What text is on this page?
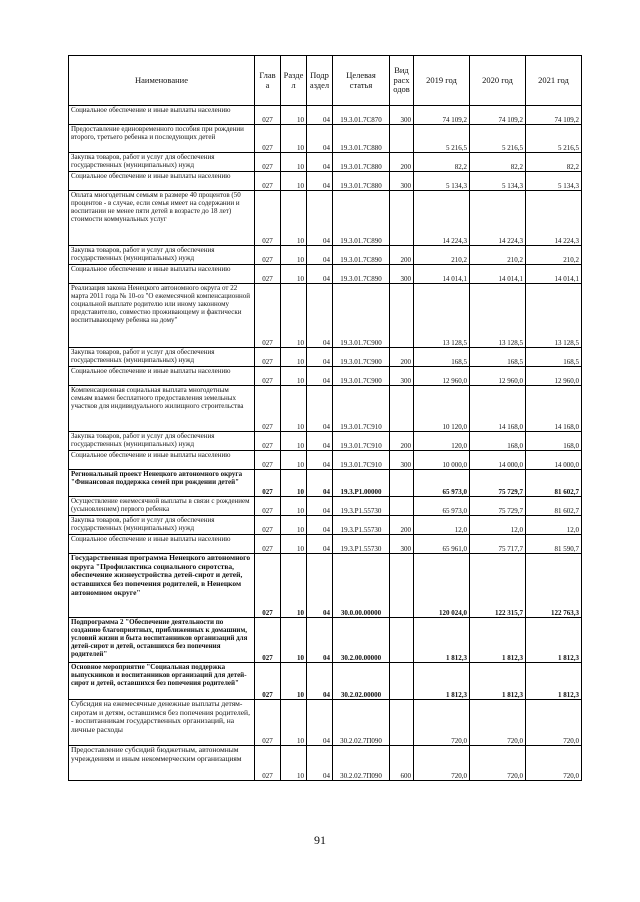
Наименование	Глав а	Разде л	Подр аздел	Целевая статья	Вид расх одов	2019 год	2020 год	2021 год
Социальное обеспечение и иные выплаты населению	027	10	04	19.3.01.7С870	300	74 109,2	74 109,2	74 109,2
Предоставление единовременного пособия при рождении второго, третьего ребенка и последующих детей	027	10	04	19.3.01.7С880		5 216,5	5 216,5	5 216,5
Закупка товаров, работ и услуг для обеспечения государственных (муниципальных) нужд	027	10	04	19.3.01.7С880	200	82,2	82,2	82,2
Социальное обеспечение и иные выплаты населению	027	10	04	19.3.01.7С880	300	5 134,3	5 134,3	5 134,3
Оплата многодетным семьям в размере 40 процентов (50 процентов - в случае, если семья имеет на содержании и воспитании не менее пяти детей в возрасте до 18 лет) стоимости коммунальных услуг	027	10	04	19.3.01.7С890		14 224,3	14 224,3	14 224,3
Закупка товаров, работ и услуг для обеспечения государственных (муниципальных) нужд	027	10	04	19.3.01.7С890	200	210,2	210,2	210,2
Социальное обеспечение и иные выплаты населению	027	10	04	19.3.01.7С890	300	14 014,1	14 014,1	14 014,1
Реализация закона Ненецкого автономного округа от 22 марта 2011 года № 10-оз "О ежемесячной компенсационной социальной выплате родителю или иному законному представителю, совместно проживающему и фактически воспитывающему ребенка на дому"	027	10	04	19.3.01.7С900		13 128,5	13 128,5	13 128,5
Закупка товаров, работ и услуг для обеспечения государственных (муниципальных) нужд	027	10	04	19.3.01.7С900	200	168,5	168,5	168,5
Социальное обеспечение и иные выплаты населению	027	10	04	19.3.01.7С900	300	12 960,0	12 960,0	12 960,0
Компенсационная социальная выплата многодетным семьям взамен бесплатного предоставления земельных участков для индивидуального жилищного строительства	027	10	04	19.3.01.7С910		10 120,0	14 168,0	14 168,0
Закупка товаров, работ и услуг для обеспечения государственных (муниципальных) нужд	027	10	04	19.3.01.7С910	200	120,0	168,0	168,0
Социальное обеспечение и иные выплаты населению	027	10	04	19.3.01.7С910	300	10 000,0	14 000,0	14 000,0
Региональный проект Ненецкого автономного округа "Финансовая поддержка семей при рождении детей"	027	10	04	19.3.Р1.00000		65 973,0	75 729,7	81 602,7
Осуществление ежемесячной выплаты в связи с рождением (усыновлением) первого ребенка	027	10	04	19.3.Р1.55730		65 973,0	75 729,7	81 602,7
Закупка товаров, работ и услуг для обеспечения государственных (муниципальных) нужд	027	10	04	19.3.Р1.55730	200	12,0	12,0	12,0
Социальное обеспечение и иные выплаты населению	027	10	04	19.3.Р1.55730	300	65 961,0	75 717,7	81 590,7
Государственная программа Ненецкого автономного округа "Профилактика социального сиротства, обеспечение жизнеустройства детей-сирот и детей, оставшихся без попечения родителей, в Ненецком автономном округе"	027	10	04	30.0.00.00000		120 024,0	122 315,7	122 763,3
Подпрограмма 2 "Обеспечение деятельности по созданию благоприятных, приближенных к домашним, условий жизни и быта воспитанников организаций для детей-сирот и детей, оставшихся без попечения родителей"	027	10	04	30.2.00.00000		1 812,3	1 812,3	1 812,3
Основное мероприятие "Социальная поддержка выпускников и воспитанников организаций для детей-сирот и детей, оставшихся без попечения родителей"	027	10	04	30.2.02.00000		1 812,3	1 812,3	1 812,3
Субсидия на ежемесячные денежные выплаты детям-сиротам и детям, оставшимся без попечения родителей, - воспитанникам государственных организаций, на личные расходы	027	10	04	30.2.02.7П090		720,0	720,0	720,0
Предоставление субсидий бюджетным, автономным учреждениям и иным некоммерческим организациям	027	10	04	30.2.02.7П090	600	720,0	720,0	720,0
91
